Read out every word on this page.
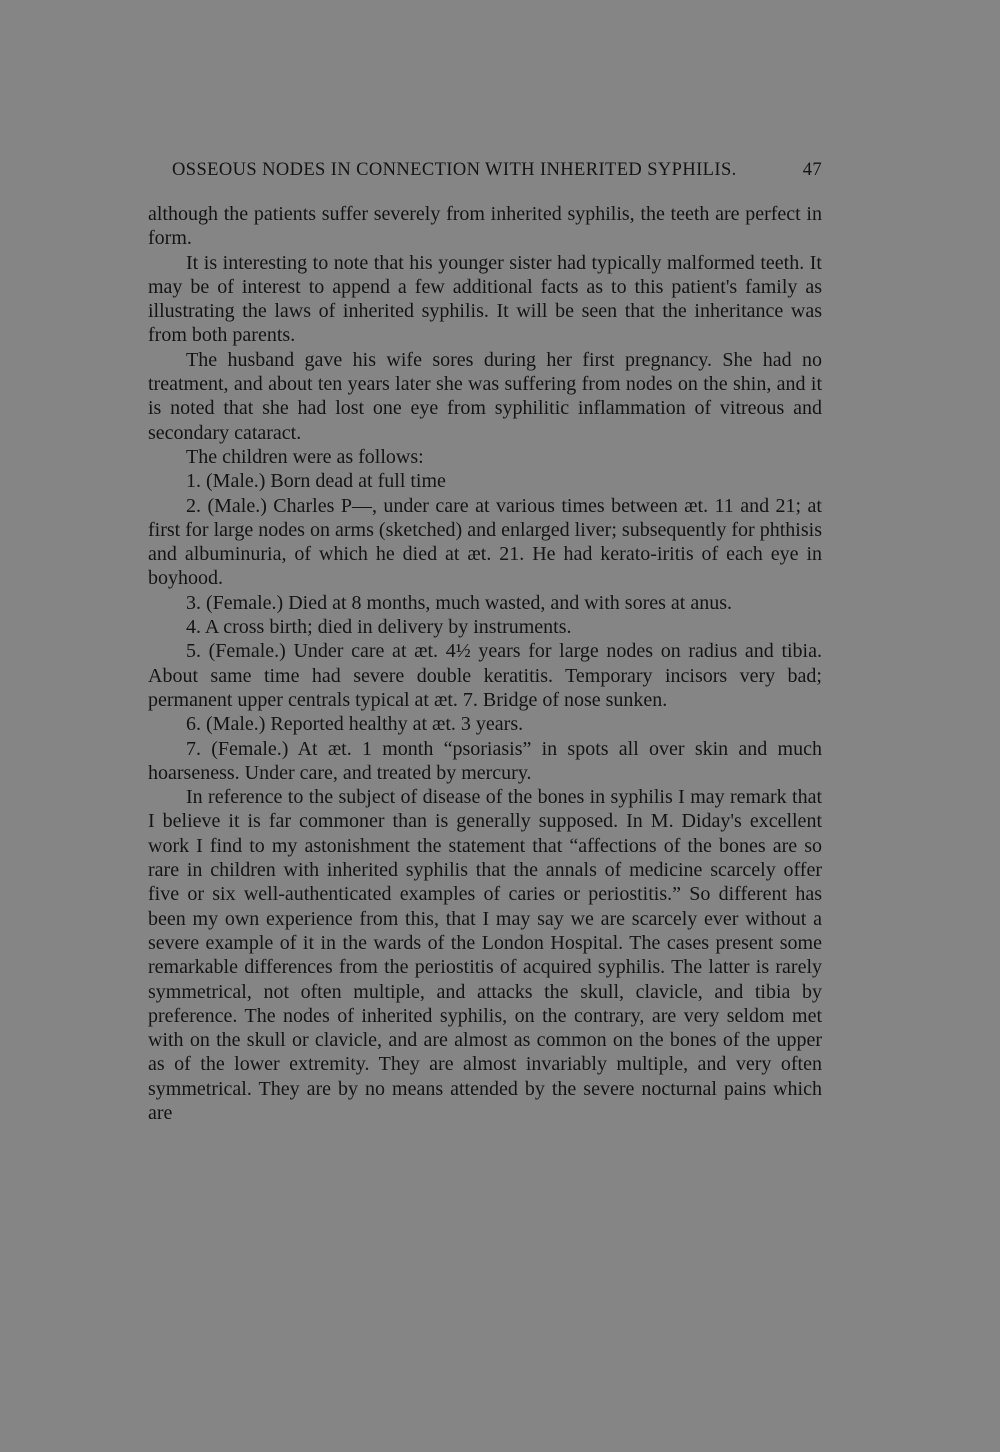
OSSEOUS NODES IN CONNECTION WITH INHERITED SYPHILIS.	47

although the patients suffer severely from inherited syphilis, the teeth are perfect in form.

It is interesting to note that his younger sister had typically malformed teeth. It may be of interest to append a few additional facts as to this patient's family as illustrating the laws of inherited syphilis. It will be seen that the inheritance was from both parents.

The husband gave his wife sores during her first pregnancy. She had no treatment, and about ten years later she was suffering from nodes on the shin, and it is noted that she had lost one eye from syphilitic inflammation of vitreous and secondary cataract.

The children were as follows:

1. (Male.) Born dead at full time

2. (Male.) Charles P—, under care at various times between æt. 11 and 21; at first for large nodes on arms (sketched) and enlarged liver; subsequently for phthisis and albuminuria, of which he died at æt. 21. He had kerato-iritis of each eye in boyhood.

3. (Female.) Died at 8 months, much wasted, and with sores at anus.

4. A cross birth; died in delivery by instruments.

5. (Female.) Under care at æt. 4½ years for large nodes on radius and tibia. About same time had severe double keratitis. Temporary incisors very bad; permanent upper centrals typical at æt. 7. Bridge of nose sunken.

6. (Male.) Reported healthy at æt. 3 years.

7. (Female.) At æt. 1 month “psoriasis” in spots all over skin and much hoarseness. Under care, and treated by mercury.

In reference to the subject of disease of the bones in syphilis I may remark that I believe it is far commoner than is generally supposed. In M. Diday's excellent work I find to my astonishment the statement that “affections of the bones are so rare in children with inherited syphilis that the annals of medicine scarcely offer five or six well-authenticated examples of caries or periostitis.” So different has been my own experience from this, that I may say we are scarcely ever without a severe example of it in the wards of the London Hospital. The cases present some remarkable differences from the periostitis of acquired syphilis. The latter is rarely symmetrical, not often multiple, and attacks the skull, clavicle, and tibia by preference. The nodes of inherited syphilis, on the contrary, are very seldom met with on the skull or clavicle, and are almost as common on the bones of the upper as of the lower extremity. They are almost invariably multiple, and very often symmetrical. They are by no means attended by the severe nocturnal pains which are
